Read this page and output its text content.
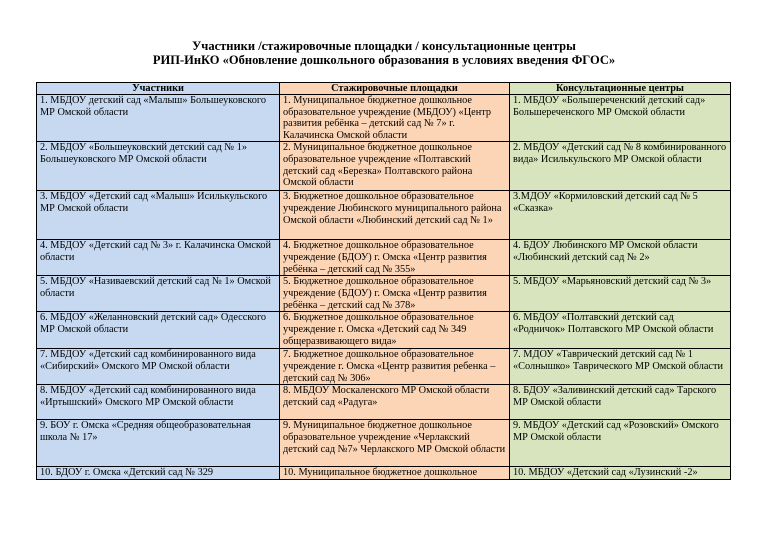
Участники /стажировочные площадки / консультационные центры
РИП-ИнКО «Обновление дошкольного образования в условиях введения ФГОС»
Участники	Стажировочные площадки	Консультационные центры
1. МБДОУ детский сад «Малыш» Большеуковского МР Омской области	1. Муниципальное бюджетное дошкольное образовательное учреждение (МБДОУ) «Центр развития ребёнка – детский сад № 7» г. Калачинска Омской области	1. МБДОУ «Большереченский детский сад» Большереченского МР Омской области
2. МБДОУ «Большеуковский детский сад № 1» Большеуковского МР Омской области	2. Муниципальное бюджетное дошкольное образовательное учреждение «Полтавский детский сад «Березка» Полтавского района Омской области	2. МБДОУ «Детский сад № 8 комбинированного вида» Исилькульского МР Омской области
3. МБДОУ «Детский сад «Малыш» Исилькульского МР Омской области	3. Бюджетное дошкольное образовательное учреждение Любинского муниципального района Омской области «Любинский детский сад № 1»	3.МДОУ «Кормиловский детский сад № 5 «Сказка»
4. МБДОУ «Детский сад № 3» г. Калачинска Омской области	4. Бюджетное дошкольное образовательное учреждение (БДОУ) г. Омска «Центр развития ребёнка – детский сад № 355»	4. БДОУ Любинского МР Омской области «Любинский детский сад № 2»
5. МБДОУ «Називаевский детский сад № 1» Омской области	5. Бюджетное дошкольное образовательное учреждение (БДОУ) г. Омска «Центр развития ребёнка – детский сад № 378»	5. МБДОУ «Марьяновский детский сад № 3»
6. МБДОУ «Желанновский детский сад» Одесского МР Омской области	6. Бюджетное дошкольное образовательное учреждение г. Омска «Детский сад № 349 общеразвивающего вида»	6. МБДОУ «Полтавский детский сад «Родничок» Полтавского МР Омской области
7. МБДОУ «Детский сад комбинированного вида «Сибирский» Омского МР Омской области	7. Бюджетное дошкольное образовательное учреждение г. Омска «Центр развития ребенка – детский сад № 306»	7. МДОУ «Таврический детский сад № 1 «Солнышко» Таврического МР Омской области
8. МБДОУ «Детский сад комбинированного вида «Иртышский» Омского МР Омской области	8. МБДОУ Москаленского МР Омской области детский сад «Радуга»	8. БДОУ «Заливинский детский сад» Тарского МР Омской области
9. БОУ г. Омска «Средняя общеобразовательная школа № 17»	9. Муниципальное бюджетное дошкольное образовательное учреждение «Черлакский детский сад №7» Черлакского МР Омской области	9. МБДОУ «Детский сад «Розовский» Омского МР Омской области
10. БДОУ г. Омска «Детский сад № 329	10. Муниципальное бюджетное дошкольное	10. МБДОУ «Детский сад «Лузинский -2»
